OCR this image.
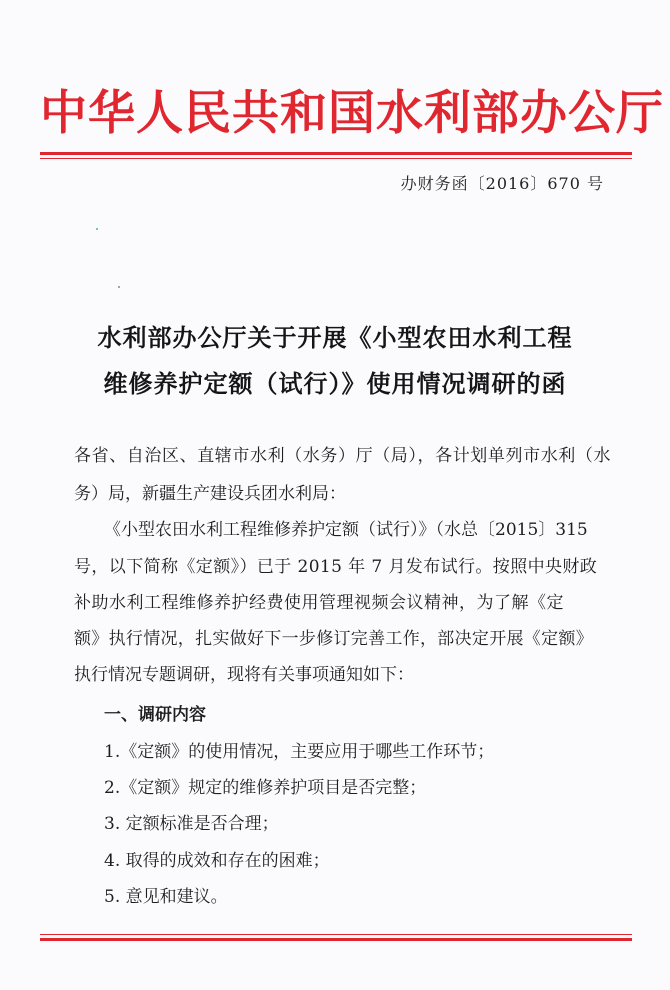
中华人民共和国水利部办公厅
办财务函〔2016〕670 号
水利部办公厅关于开展《小型农田水利工程
维修养护定额（试行）》使用情况调研的函
各省、自治区、直辖市水利（水务）厅（局），各计划单列市水利（水
务）局，新疆生产建设兵团水利局：
《小型农田水利工程维修养护定额（试行）》（水总〔2015〕315
号，以下简称《定额》）已于 2015 年 7 月发布试行。按照中央财政
补助水利工程维修养护经费使用管理视频会议精神，为了解《定
额》执行情况，扎实做好下一步修订完善工作，部决定开展《定额》
执行情况专题调研，现将有关事项通知如下：
一、调研内容
1.《定额》的使用情况，主要应用于哪些工作环节；
2.《定额》规定的维修养护项目是否完整；
3. 定额标准是否合理；
4. 取得的成效和存在的困难；
5. 意见和建议。
